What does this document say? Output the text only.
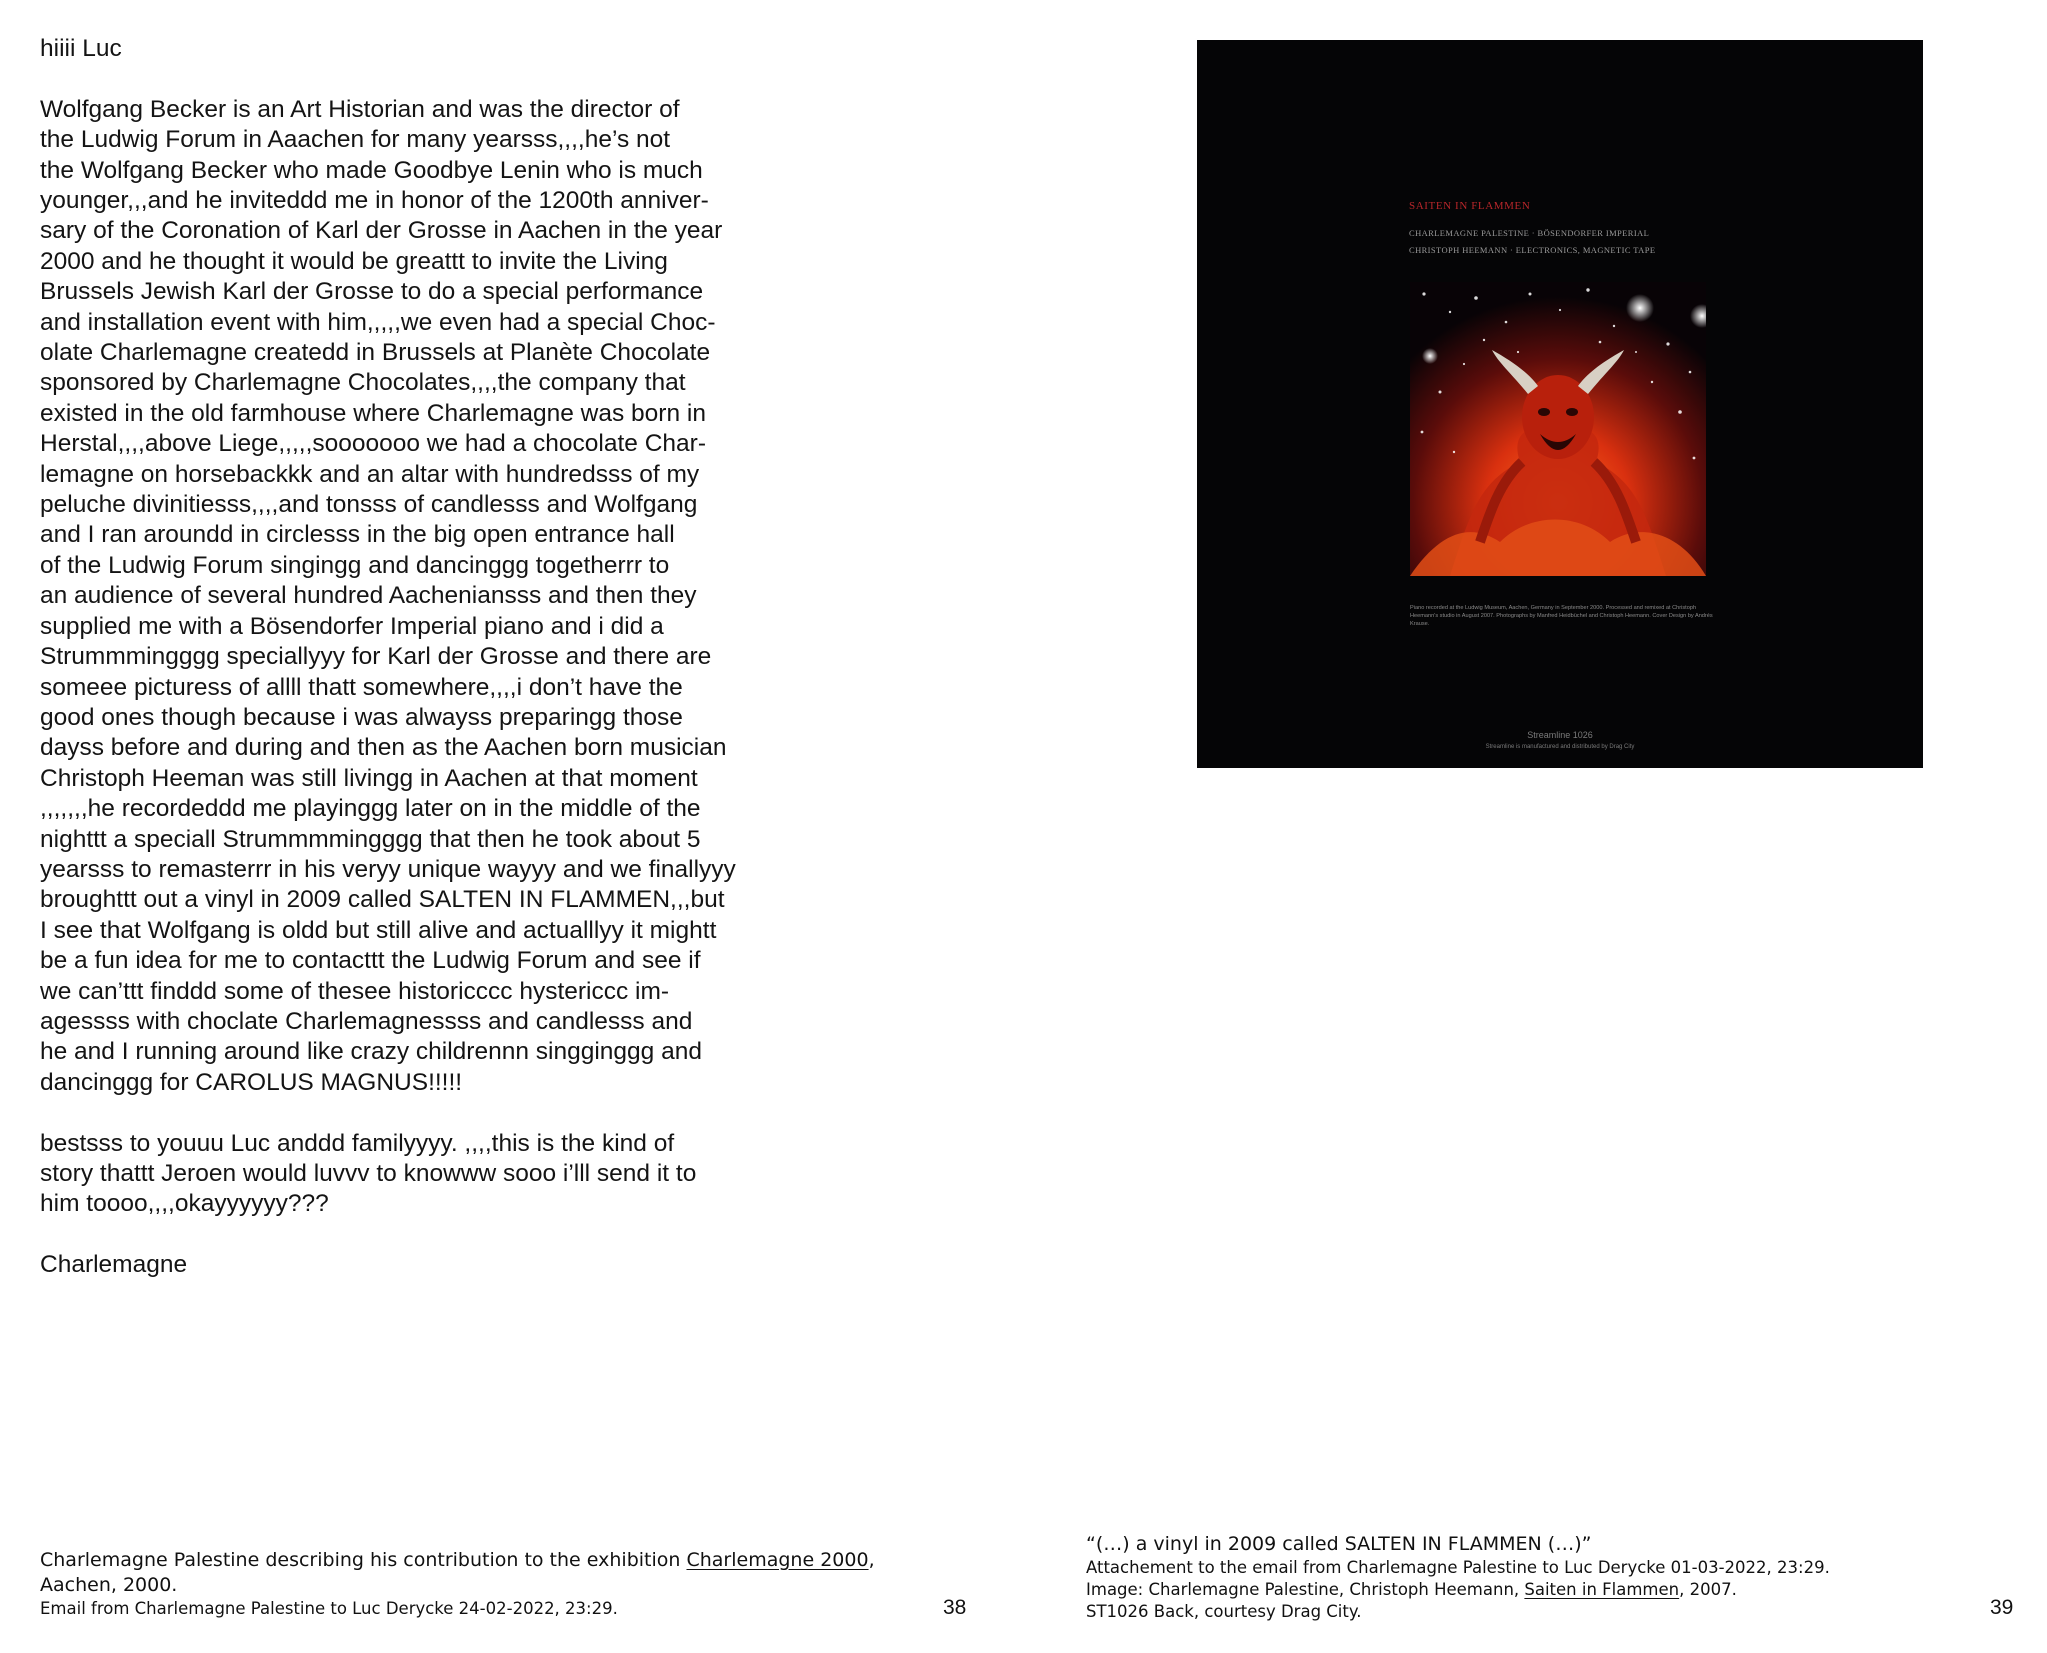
hiiii Luc

Wolfgang Becker is an Art Historian and was the director of

the Ludwig Forum in Aaachen for many yearsss,,,,he’s not

the Wolfgang Becker who made Goodbye Lenin who is much

younger,,,and he inviteddd me in honor of the 1200th anniver-

sary of the Coronation of Karl der Grosse in Aachen in the year

2000 and he thought it would be greattt to invite the Living

Brussels Jewish Karl der Grosse to do a special performance

and installation event with him,,,,,we even had a special Choc-

olate Charlemagne createdd in Brussels at Planète Chocolate

sponsored by Charlemagne Chocolates,,,,the company that

existed in the old farmhouse where Charlemagne was born in

Herstal,,,,above Liege,,,,,sooooooo we had a chocolate Char-

lemagne on horsebackkk and an altar with hundredsss of my

peluche divinitiesss,,,,and tonsss of candlesss and Wolfgang

and I ran aroundd in circlesss in the big open entrance hall

of the Ludwig Forum singingg and dancinggg togetherrr to

an audience of several hundred Aacheniansss and then they

supplied me with a Bösendorfer Imperial piano and i did a

Strummmingggg speciallyyy for Karl der Grosse and there are

someee picturess of allll thatt somewhere,,,,i don’t have the

good ones though because i was alwayss preparingg those

dayss before and during and then as the Aachen born musician

Christoph Heeman was still livingg in Aachen at that moment

,,,,,,,he recordeddd me playinggg later on in the middle of the

nighttt a speciall Strummmmingggg that then he took about 5

yearsss to remasterrr in his veryy unique wayyy and we finallyyy

broughttt out a vinyl in 2009 called SALTEN IN FLAMMEN,,,but

I see that Wolfgang is oldd but still alive and actualllyy it mightt

be a fun idea for me to contacttt the Ludwig Forum and see if

we can’ttt finddd some of thesee historicccc hystericcc im-

agessss with choclate Charlemagnessss and candlesss and

he and I running around like crazy childrennn singginggg and

dancinggg for CAROLUS MAGNUS!!!!!

bestsss to youuu Luc anddd familyyyy. ,,,,this is the kind of

story thattt Jeroen would luvvv to knowww sooo i’lll send it to

him toooo,,,,okayyyyyy???

Charlemagne

SAITEN IN FLAMMEN
CHARLEMAGNE PALESTINE · BÖSENDORFER IMPERIAL
CHRISTOPH HEEMANN · ELECTRONICS, MAGNETIC TAPE
Piano recorded at the Ludwig Museum, Aachen, Germany in September 2000. Processed and remixed at Christoph Heemann's studio in August 2007. Photographs by Manfred Heidbüchel and Christoph Heemann. Cover Design by Andrés Krause.
Streamline 1026
Streamline is manufactured and distributed by Drag City
Charlemagne Palestine describing his contribution to the exhibition Charlemagne 2000,
Aachen, 2000.
Email from Charlemagne Palestine to Luc Derycke 24-02-2022, 23:29.
“(…) a vinyl in 2009 called SALTEN IN FLAMMEN (…)”
Attachement to the email from Charlemagne Palestine to Luc Derycke 01-03-2022, 23:29.
Image: Charlemagne Palestine, Christoph Heemann, Saiten in Flammen, 2007.
ST1026 Back, courtesy Drag City.
38	39
